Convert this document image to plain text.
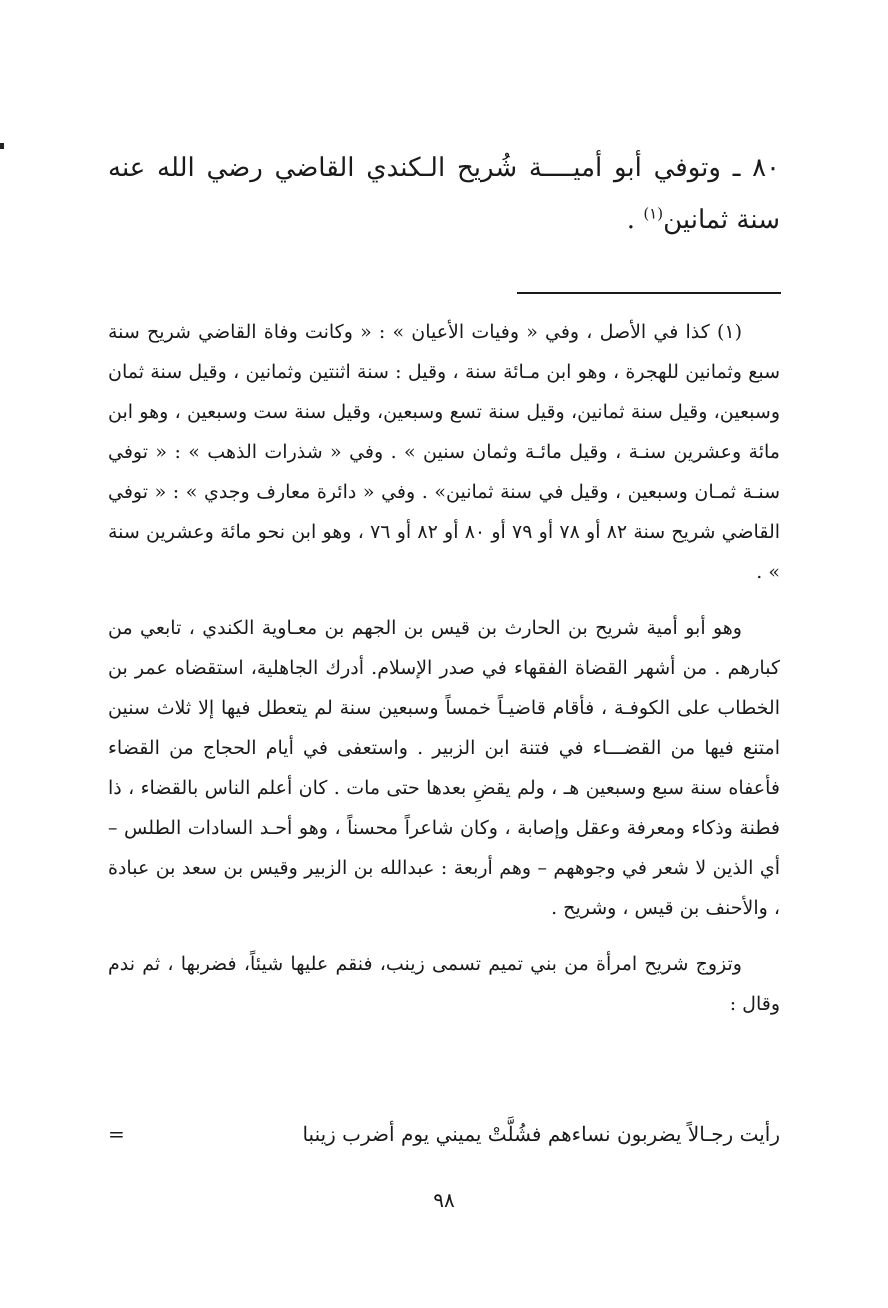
٨٠ ـ وتوفي أبو أميــــة شُريح الـكندي القاضي رضي الله عنه سنة ثمانين$^{(١)}$ .

(١) كذا في الأصل ، وفي « وفيات الأعيان » : « وكانت وفاة القاضي شريح سنة سبع وثمانين للهجرة ، وهو ابن مـائة سنة ، وقيل : سنة اثنتين وثمانين ، وقيل سنة ثمان وسبعين، وقيل سنة ثمانين، وقيل سنة تسع وسبعين، وقيل سنة ست وسبعين ، وهو ابن مائة وعشرين سنـة ، وقيل مائـة وثمان سنين » . وفي « شذرات الذهب » : « توفي سنـة ثمـان وسبعين ، وقيل في سنة ثمانين» . وفي « دائرة معارف وجدي » : « توفي القاضي شريح سنة ٨٢ أو ٧٨ أو ٧٩ أو ٨٠ أو ٨٢ أو ٧٦ ، وهو ابن نحو مائة وعشرين سنة » .

وهو أبو أمية شريح بن الحارث بن قيس بن الجهم بن معـاوية الكندي ، تابعي من كبارهم . من أشهر القضاة الفقهاء في صدر الإسلام. أدرك الجاهلية، استقضاه عمر بن الخطاب على الكوفـة ، فأقام قاضيـاً خمساً وسبعين سنة لم يتعطل فيها إلا ثلاث سنين امتنع فيها من القضـــاء في فتنة ابن الزبير . واستعفى في أيام الحجاج من القضاء فأعفاه سنة سبع وسبعين هـ ، ولم يقضِ بعدها حتى مات . كان أعلم الناس بالقضاء ، ذا فطنة وذكاء ومعرفة وعقل وإصابة ، وكان شاعراً محسناً ، وهو أحـد السادات الطلس – أي الذين لا شعر في وجوههم – وهم أربعة : عبدالله بن الزبير وقيس بن سعد بن عبادة ، والأحنف بن قيس ، وشريح .

وتزوج شريح امرأة من بني تميم تسمى زينب، فنقم عليها شيئاً، فضربها ، ثم ندم وقال :

رأيت رجـالاً يضربون نساءهم فشُلَّتْ يميني يوم أضرب زينبا
=
٩٨
